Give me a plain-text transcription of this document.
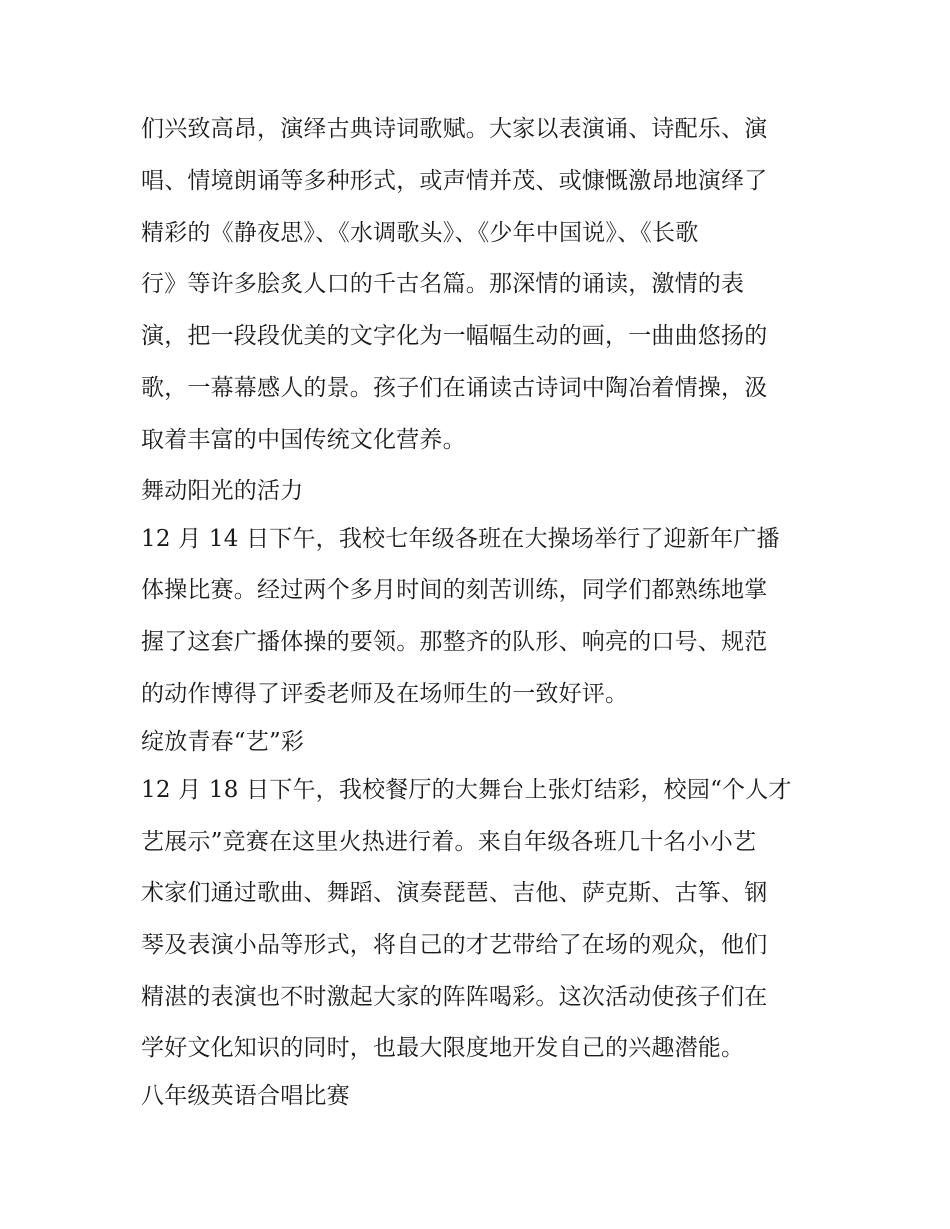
们兴致高昂，演绎古典诗词歌赋。大家以表演诵、诗配乐、演
唱、情境朗诵等多种形式，或声情并茂、或慷慨激昂地演绎了
精彩的《静夜思》、《水调歌头》、《少年中国说》、《长歌
行》等许多脍炙人口的千古名篇。那深情的诵读，激情的表
演，把一段段优美的文字化为一幅幅生动的画，一曲曲悠扬的
歌，一幕幕感人的景。孩子们在诵读古诗词中陶冶着情操，汲
取着丰富的中国传统文化营养。
舞动阳光的活力
12 月 14 日下午，我校七年级各班在大操场举行了迎新年广播
体操比赛。经过两个多月时间的刻苦训练，同学们都熟练地掌
握了这套广播体操的要领。那整齐的队形、响亮的口号、规范
的动作博得了评委老师及在场师生的一致好评。
绽放青春“艺”彩
12 月 18 日下午，我校餐厅的大舞台上张灯结彩，校园“个人才
艺展示”竞赛在这里火热进行着。来自年级各班几十名小小艺
术家们通过歌曲、舞蹈、演奏琵琶、吉他、萨克斯、古筝、钢
琴及表演小品等形式，将自己的才艺带给了在场的观众，他们
精湛的表演也不时激起大家的阵阵喝彩。这次活动使孩子们在
学好文化知识的同时，也最大限度地开发自己的兴趣潜能。
八年级英语合唱比赛
